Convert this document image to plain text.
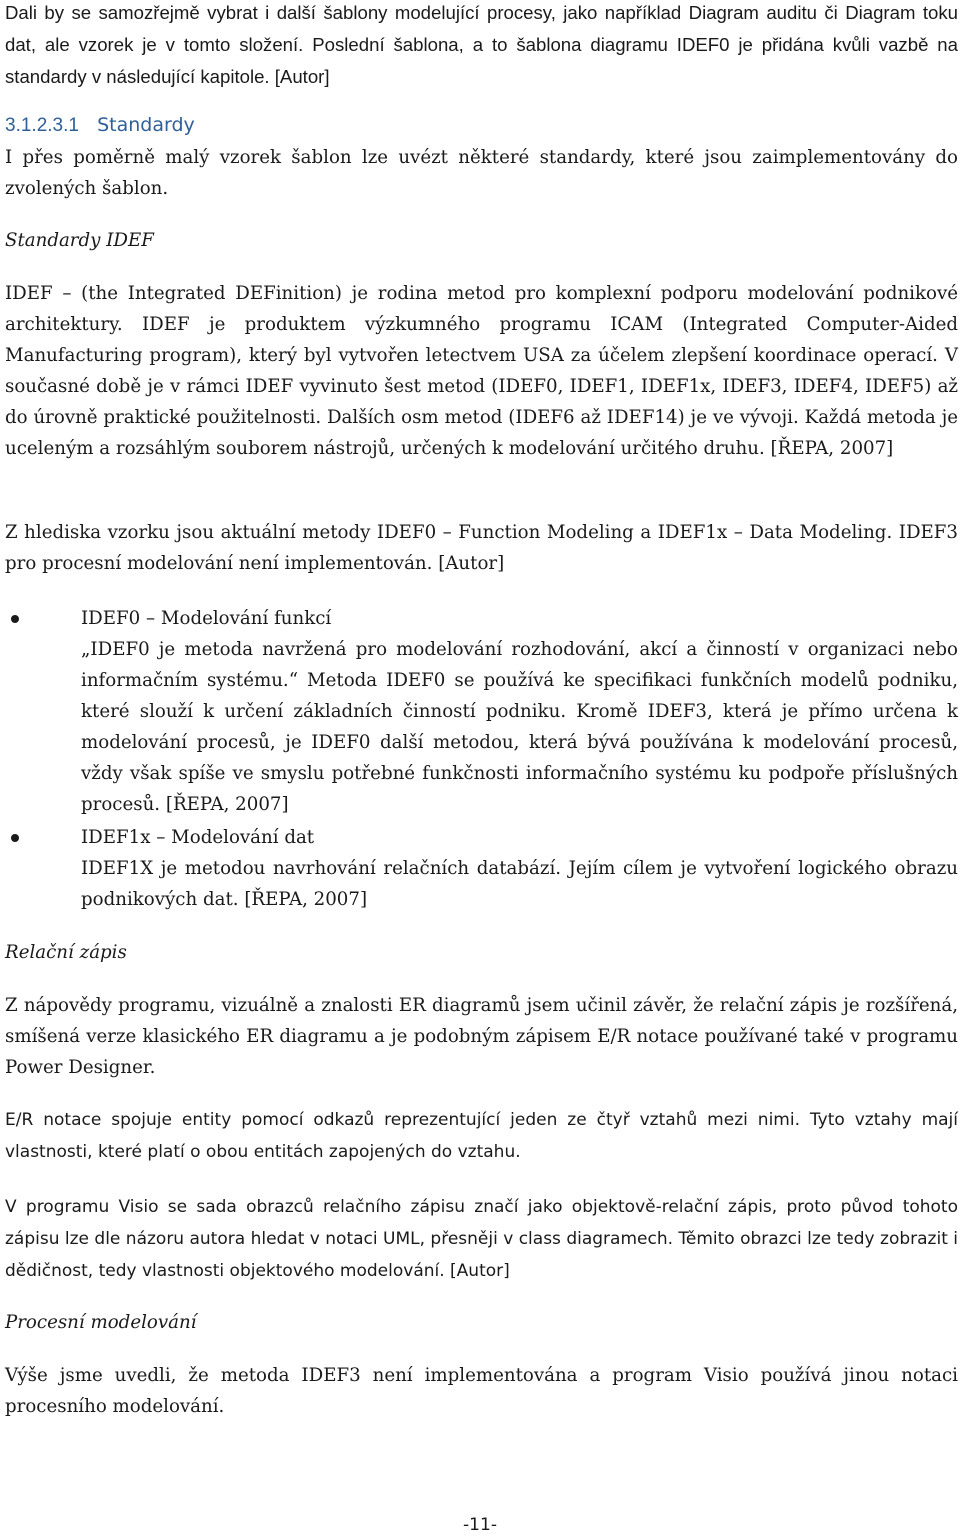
Dali by se samozřejmě vybrat i další šablony modelující procesy, jako například Diagram auditu či Diagram toku dat, ale vzorek je v tomto složení. Poslední šablona, a to šablona diagramu IDEF0 je přidána kvůli vazbě na standardy v následující kapitole. [Autor]

3.1.2.3.1 Standardy

I přes poměrně malý vzorek šablon lze uvézt některé standardy, které jsou zaimplementovány do zvolených šablon.

Standardy IDEF

IDEF – (the Integrated DEFinition) je rodina metod pro komplexní podporu modelování podnikové architektury. IDEF je produktem výzkumného programu ICAM (Integrated Computer-Aided Manufacturing program), který byl vytvořen letectvem USA za účelem zlepšení koordinace operací. V současné době je v rámci IDEF vyvinuto šest metod (IDEF0, IDEF1, IDEF1x, IDEF3, IDEF4, IDEF5) až do úrovně praktické použitelnosti. Dalších osm metod (IDEF6 až IDEF14) je ve vývoji. Každá metoda je uceleným a rozsáhlým souborem nástrojů, určených k modelování určitého druhu. [ŘEPA, 2007]

Z hlediska vzorku jsou aktuální metody IDEF0 – Function Modeling a IDEF1x – Data Modeling. IDEF3 pro procesní modelování není implementován. [Autor]

IDEF0 – Modelování funkcí

„IDEF0 je metoda navržená pro modelování rozhodování, akcí a činností v organizaci nebo informačním systému.“ Metoda IDEF0 se používá ke specifikaci funkčních modelů podniku, které slouží k určení základních činností podniku. Kromě IDEF3, která je přímo určena k modelování procesů, je IDEF0 další metodou, která bývá používána k modelování procesů, vždy však spíše ve smyslu potřebné funkčnosti informačního systému ku podpoře příslušných procesů. [ŘEPA, 2007]

IDEF1x – Modelování dat

IDEF1X je metodou navrhování relačních databází. Jejím cílem je vytvoření logického obrazu podnikových dat. [ŘEPA, 2007]

Relační zápis

Z nápovědy programu, vizuálně a znalosti ER diagramů jsem učinil závěr, že relační zápis je rozšířená, smíšená verze klasického ER diagramu a je podobným zápisem E/R notace používané také v programu Power Designer.

E/R notace spojuje entity pomocí odkazů reprezentující jeden ze čtyř vztahů mezi nimi. Tyto vztahy mají vlastnosti, které platí o obou entitách zapojených do vztahu.

V programu Visio se sada obrazců relačního zápisu značí jako objektově-relační zápis, proto původ tohoto zápisu lze dle názoru autora hledat v notaci UML, přesněji v class diagramech. Těmito obrazci lze tedy zobrazit i dědičnost, tedy vlastnosti objektového modelování. [Autor]

Procesní modelování

Výše jsme uvedli, že metoda IDEF3 není implementována a program Visio používá jinou notaci procesního modelování.

-11-
